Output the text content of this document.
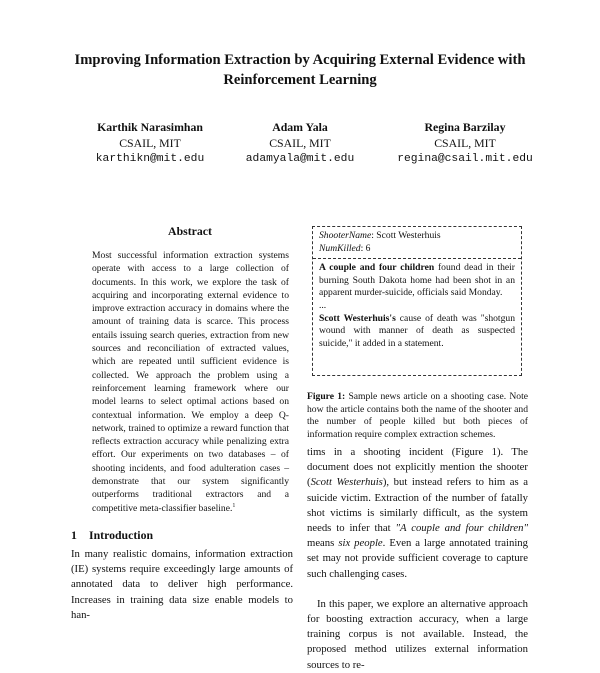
Improving Information Extraction by Acquiring External Evidence with Reinforcement Learning
Karthik Narasimhan
CSAIL, MIT
karthikn@mit.edu
Adam Yala
CSAIL, MIT
adamyala@mit.edu
Regina Barzilay
CSAIL, MIT
regina@csail.mit.edu
Abstract
Most successful information extraction systems operate with access to a large collection of documents. In this work, we explore the task of acquiring and incorporating external evidence to improve extraction accuracy in domains where the amount of training data is scarce. This process entails issuing search queries, extraction from new sources and reconciliation of extracted values, which are repeated until sufficient evidence is collected. We approach the problem using a reinforcement learning framework where our model learns to select optimal actions based on contextual information. We employ a deep Q-network, trained to optimize a reward function that reflects extraction accuracy while penalizing extra effort. Our experiments on two databases – of shooting incidents, and food adulteration cases – demonstrate that our system significantly outperforms traditional extractors and a competitive meta-classifier baseline.$^1$
1 Introduction
In many realistic domains, information extraction (IE) systems require exceedingly large amounts of annotated data to deliver high performance. Increases in training data size enable models to han-
ShooterName: Scott Westerhuis
NumKilled: 6

A couple and four children found dead in their burning South Dakota home had been shot in an apparent murder-suicide, officials said Monday.

...

Scott Westerhuis's cause of death was "shotgun wound with manner of death as suspected suicide," it added in a statement.

Figure 1: Sample news article on a shooting case. Note how the article contains both the name of the shooter and the number of people killed but both pieces of information require complex extraction schemes.

tims in a shooting incident (Figure 1). The document does not explicitly mention the shooter (Scott Westerhuis), but instead refers to him as a suicide victim. Extraction of the number of fatally shot victims is similarly difficult, as the system needs to infer that "A couple and four children" means six people. Even a large annotated training set may not provide sufficient coverage to capture such challenging cases.

In this paper, we explore an alternative approach for boosting extraction accuracy, when a large training corpus is not available. Instead, the proposed method utilizes external information sources to re-
